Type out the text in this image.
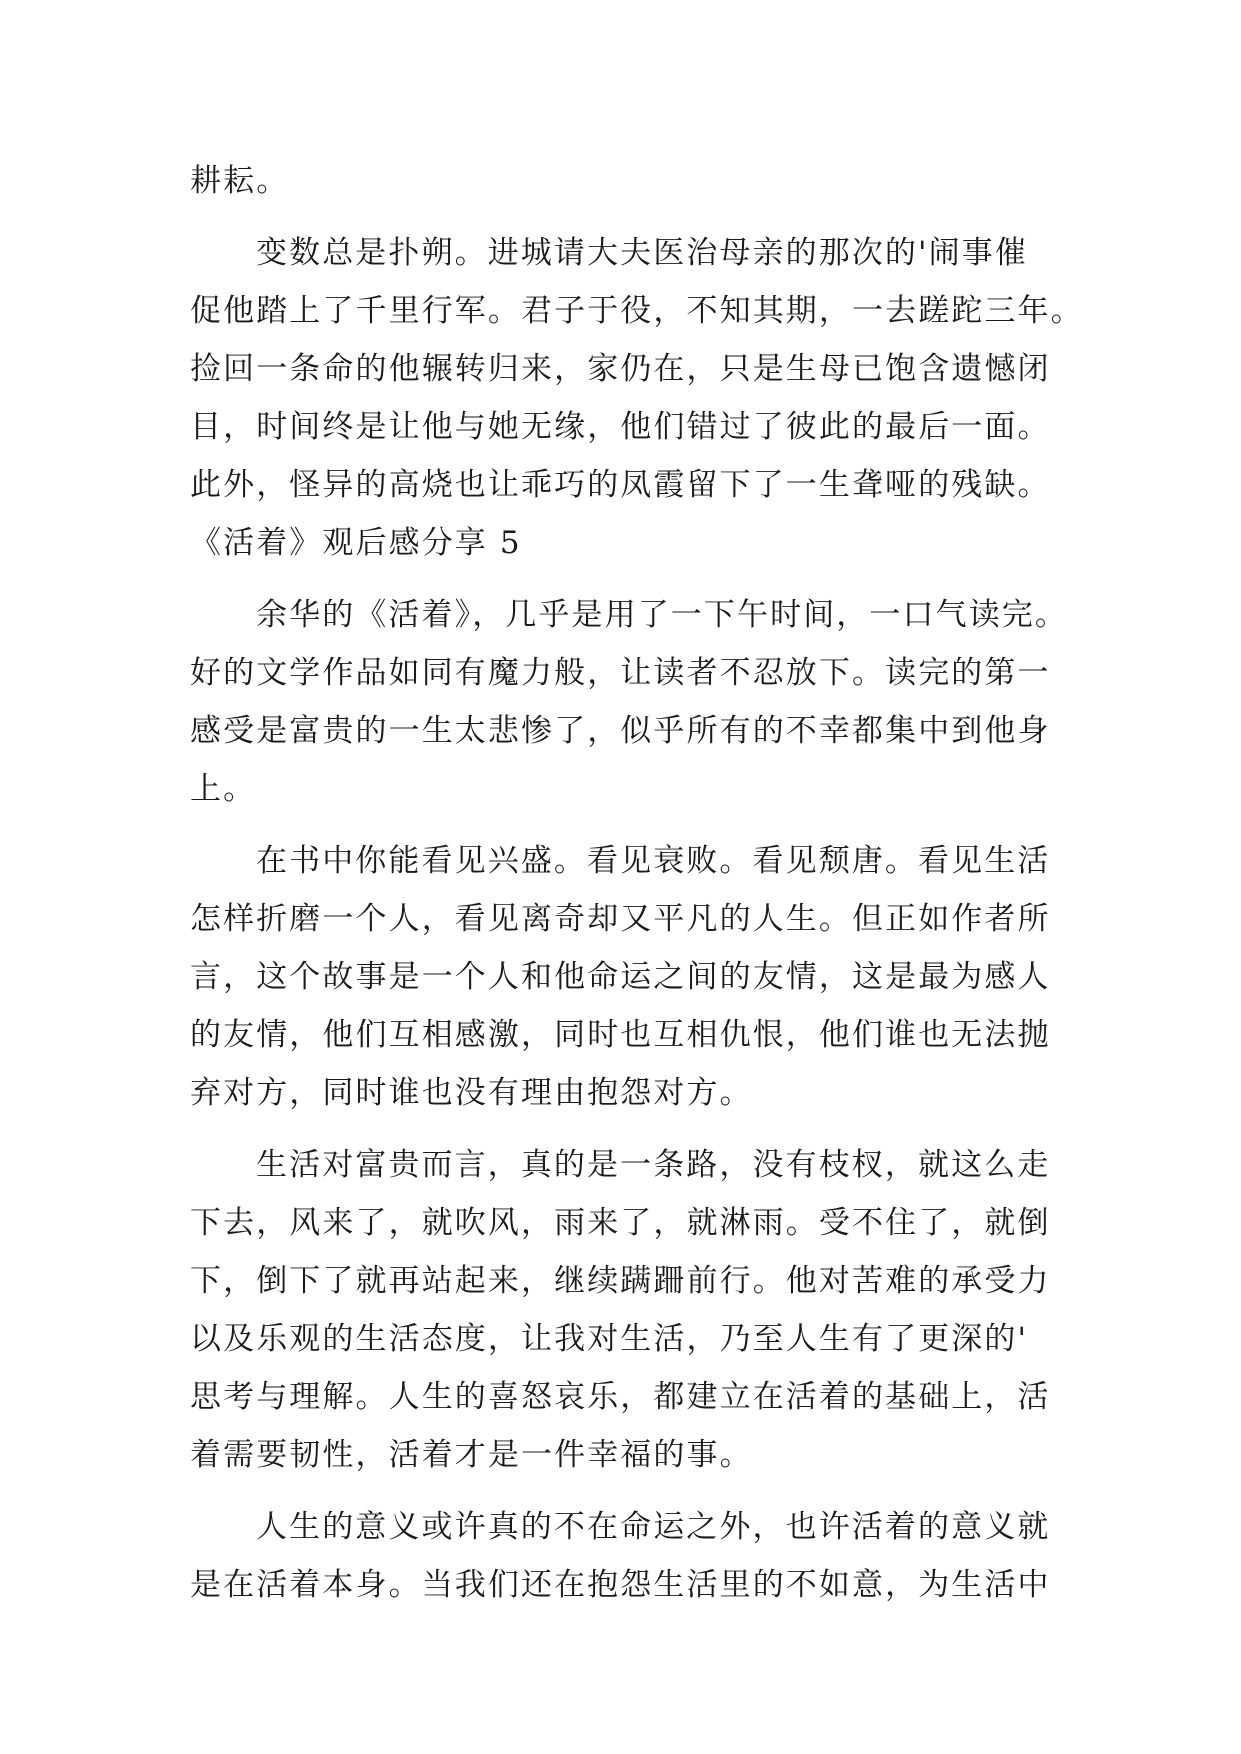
耕耘。
变数总是扑朔。进城请大夫医治母亲的那次的'闹事催
促他踏上了千里行军。君子于役，不知其期，一去蹉跎三年。
捡回一条命的他辗转归来，家仍在，只是生母已饱含遗憾闭
目，时间终是让他与她无缘，他们错过了彼此的最后一面。
此外，怪异的高烧也让乖巧的凤霞留下了一生聋哑的残缺。
《活着》观后感分享 5
余华的《活着》，几乎是用了一下午时间，一口气读完。
好的文学作品如同有魔力般，让读者不忍放下。读完的第一
感受是富贵的一生太悲惨了，似乎所有的不幸都集中到他身
上。
在书中你能看见兴盛。看见衰败。看见颓唐。看见生活
怎样折磨一个人，看见离奇却又平凡的人生。但正如作者所
言，这个故事是一个人和他命运之间的友情，这是最为感人
的友情，他们互相感激，同时也互相仇恨，他们谁也无法抛
弃对方，同时谁也没有理由抱怨对方。
生活对富贵而言，真的是一条路，没有枝杈，就这么走
下去，风来了，就吹风，雨来了，就淋雨。受不住了，就倒
下，倒下了就再站起来，继续蹒跚前行。他对苦难的承受力
以及乐观的生活态度，让我对生活，乃至人生有了更深的'
思考与理解。人生的喜怒哀乐，都建立在活着的基础上，活
着需要韧性，活着才是一件幸福的事。
人生的意义或许真的不在命运之外，也许活着的意义就
是在活着本身。当我们还在抱怨生活里的不如意，为生活中
